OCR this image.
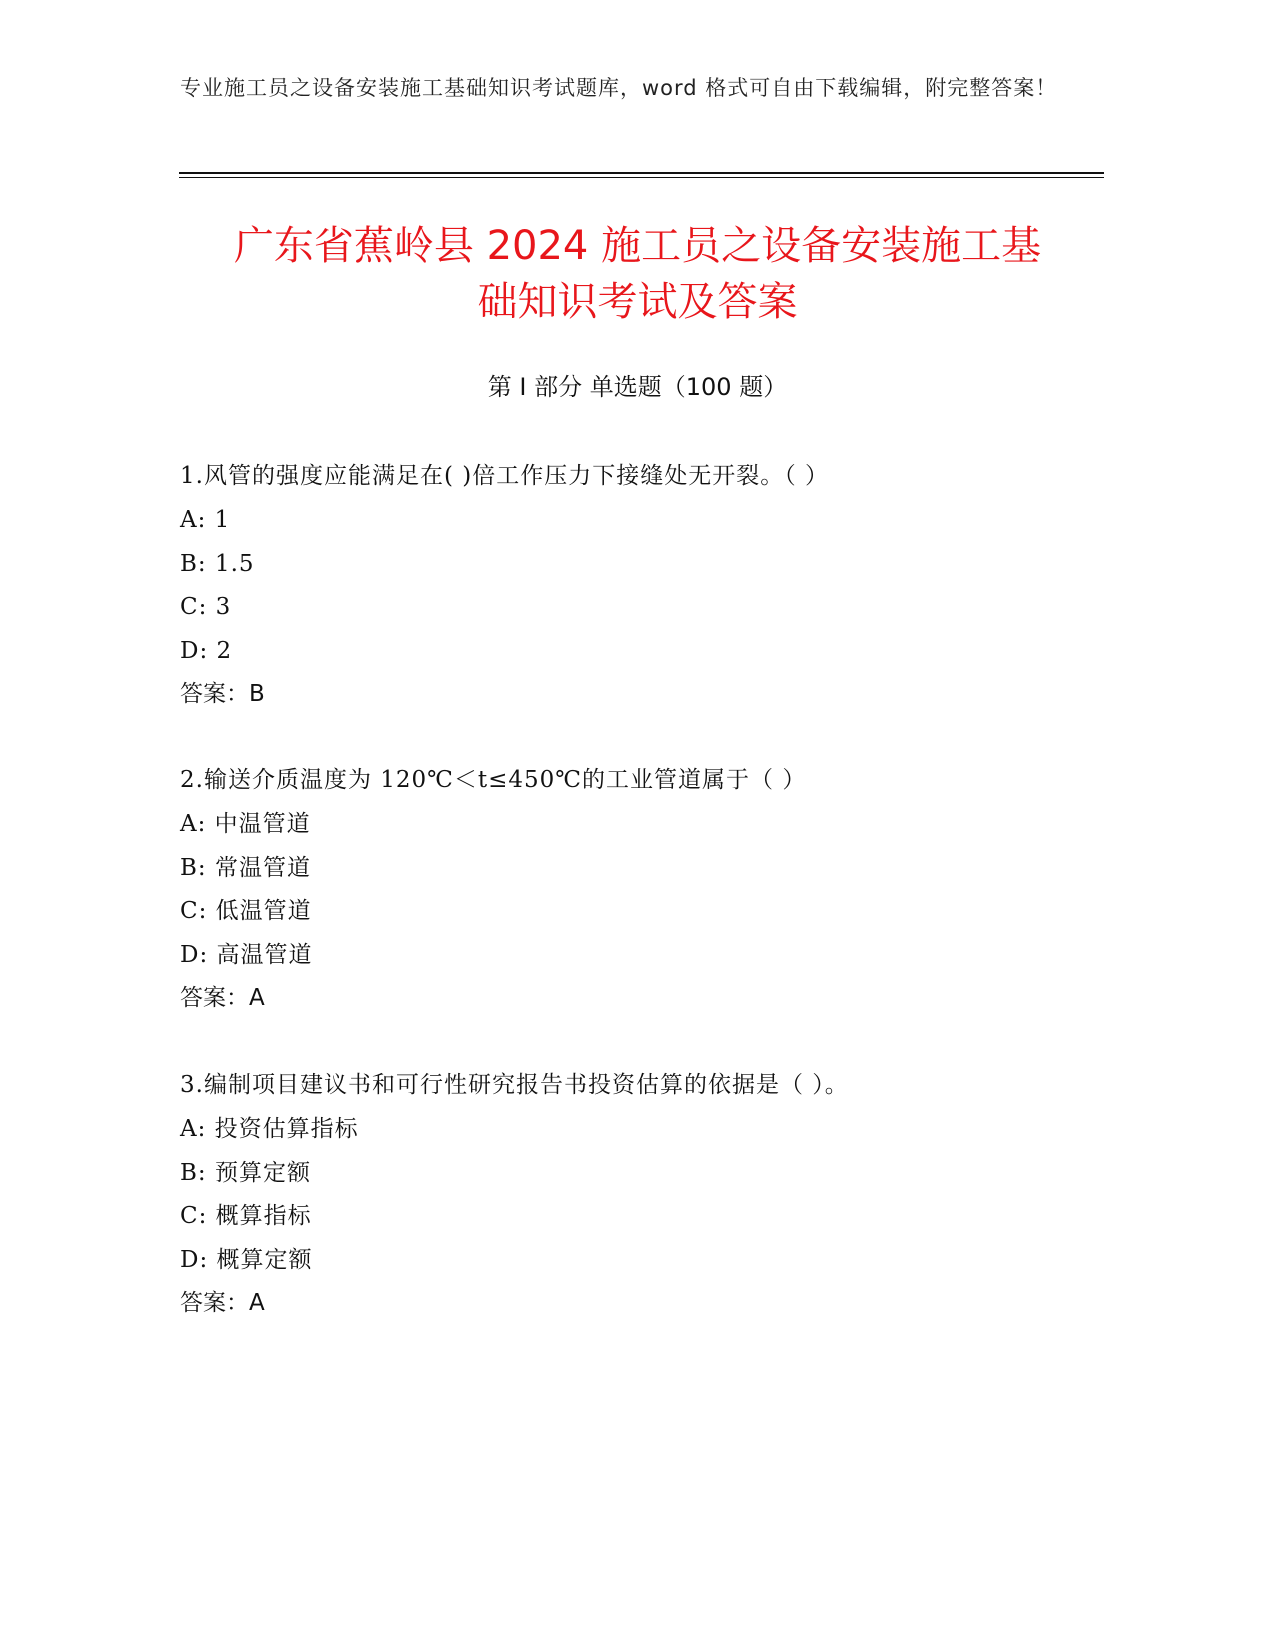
专业施工员之设备安装施工基础知识考试题库，word 格式可自由下载编辑，附完整答案！
广东省蕉岭县 2024 施工员之设备安装施工基
础知识考试及答案
第 I 部分 单选题（100 题）
1.风管的强度应能满足在( )倍工作压力下接缝处无开裂。（ ）
A: 1
B: 1.5
C: 3
D: 2
答案：B
2.输送介质温度为 120℃＜t≤450℃的工业管道属于（ ）
A: 中温管道
B: 常温管道
C: 低温管道
D: 高温管道
答案：A
3.编制项目建议书和可行性研究报告书投资估算的依据是（ ）。
A: 投资估算指标
B: 预算定额
C: 概算指标
D: 概算定额
答案：A
